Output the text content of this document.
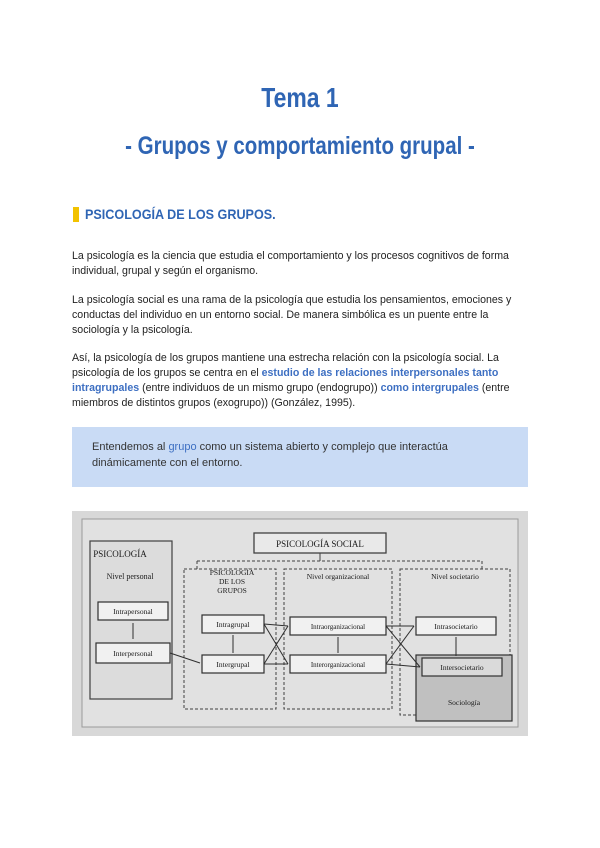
Tema 1
- Grupos y comportamiento grupal -
PSICOLOGÍA DE LOS GRUPOS.

La psicología es la ciencia que estudia el comportamiento y los procesos cognitivos de forma individual, grupal y según el organismo.

La psicología social es una rama de la psicología que estudia los pensamientos, emociones y conductas del individuo en un entorno social. De manera simbólica es un puente entre la sociología y la psicología.

Así, la psicología de los grupos mantiene una estrecha relación con la psicología social. La psicología de los grupos se centra en el estudio de las relaciones interpersonales tanto intragrupales (entre individuos de un mismo grupo (endogrupo)) como intergrupales (entre miembros de distintos grupos (exogrupo)) (González, 1995).

Entendemos al grupo como un sistema abierto y complejo que interactúa dinámicamente con el entorno.
PSICOLOGÍA SOCIAL
PSICOLOGÍA
Nivel personal
Intrapersonal
Interpersonal
PSICOLOGÍA
DE LOS
GRUPOS
Intragrupal
Intergrupal
Nivel organizacional
Intraorganizacional
Interorganizacional
Nivel societario
Intrasocietario
Intersocietario
Sociología
